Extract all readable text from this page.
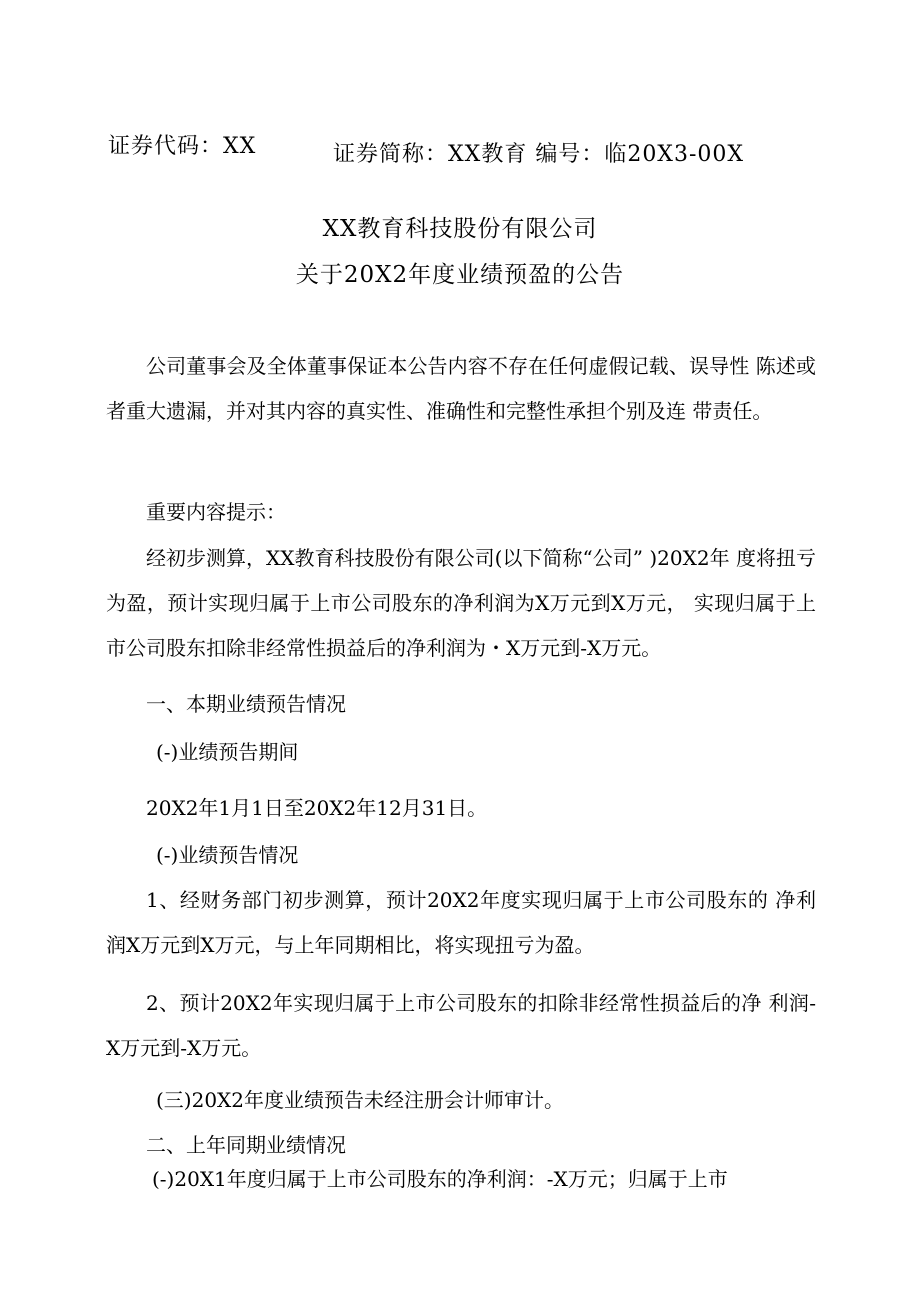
证券代码：XX	证券简称：XX教育 编号：临20X3-00X
XX教育科技股份有限公司
关于20X2年度业绩预盈的公告
公司董事会及全体董事保证本公告内容不存在任何虚假记载、误导性 陈述或者重大遗漏，并对其内容的真实性、准确性和完整性承担个别及连 带责任。
重要内容提示：
经初步测算，XX教育科技股份有限公司(以下简称“公司” )20X2年 度将扭亏为盈，预计实现归属于上市公司股东的净利润为X万元到X万元， 实现归属于上市公司股东扣除非经常性损益后的净利润为・X万元到-X万元。
一、本期业绩预告情况
(-)业绩预告期间
20X2年1月1日至20X2年12月31日。
(-)业绩预告情况
1、经财务部门初步测算，预计20X2年度实现归属于上市公司股东的 净利润X万元到X万元，与上年同期相比，将实现扭亏为盈。
2、预计20X2年实现归属于上市公司股东的扣除非经常性损益后的净 利润-X万元到-X万元。
(三)20X2年度业绩预告未经注册会计师审计。
二、上年同期业绩情况
(-)20X1年度归属于上市公司股东的净利润：-X万元；归属于上市
